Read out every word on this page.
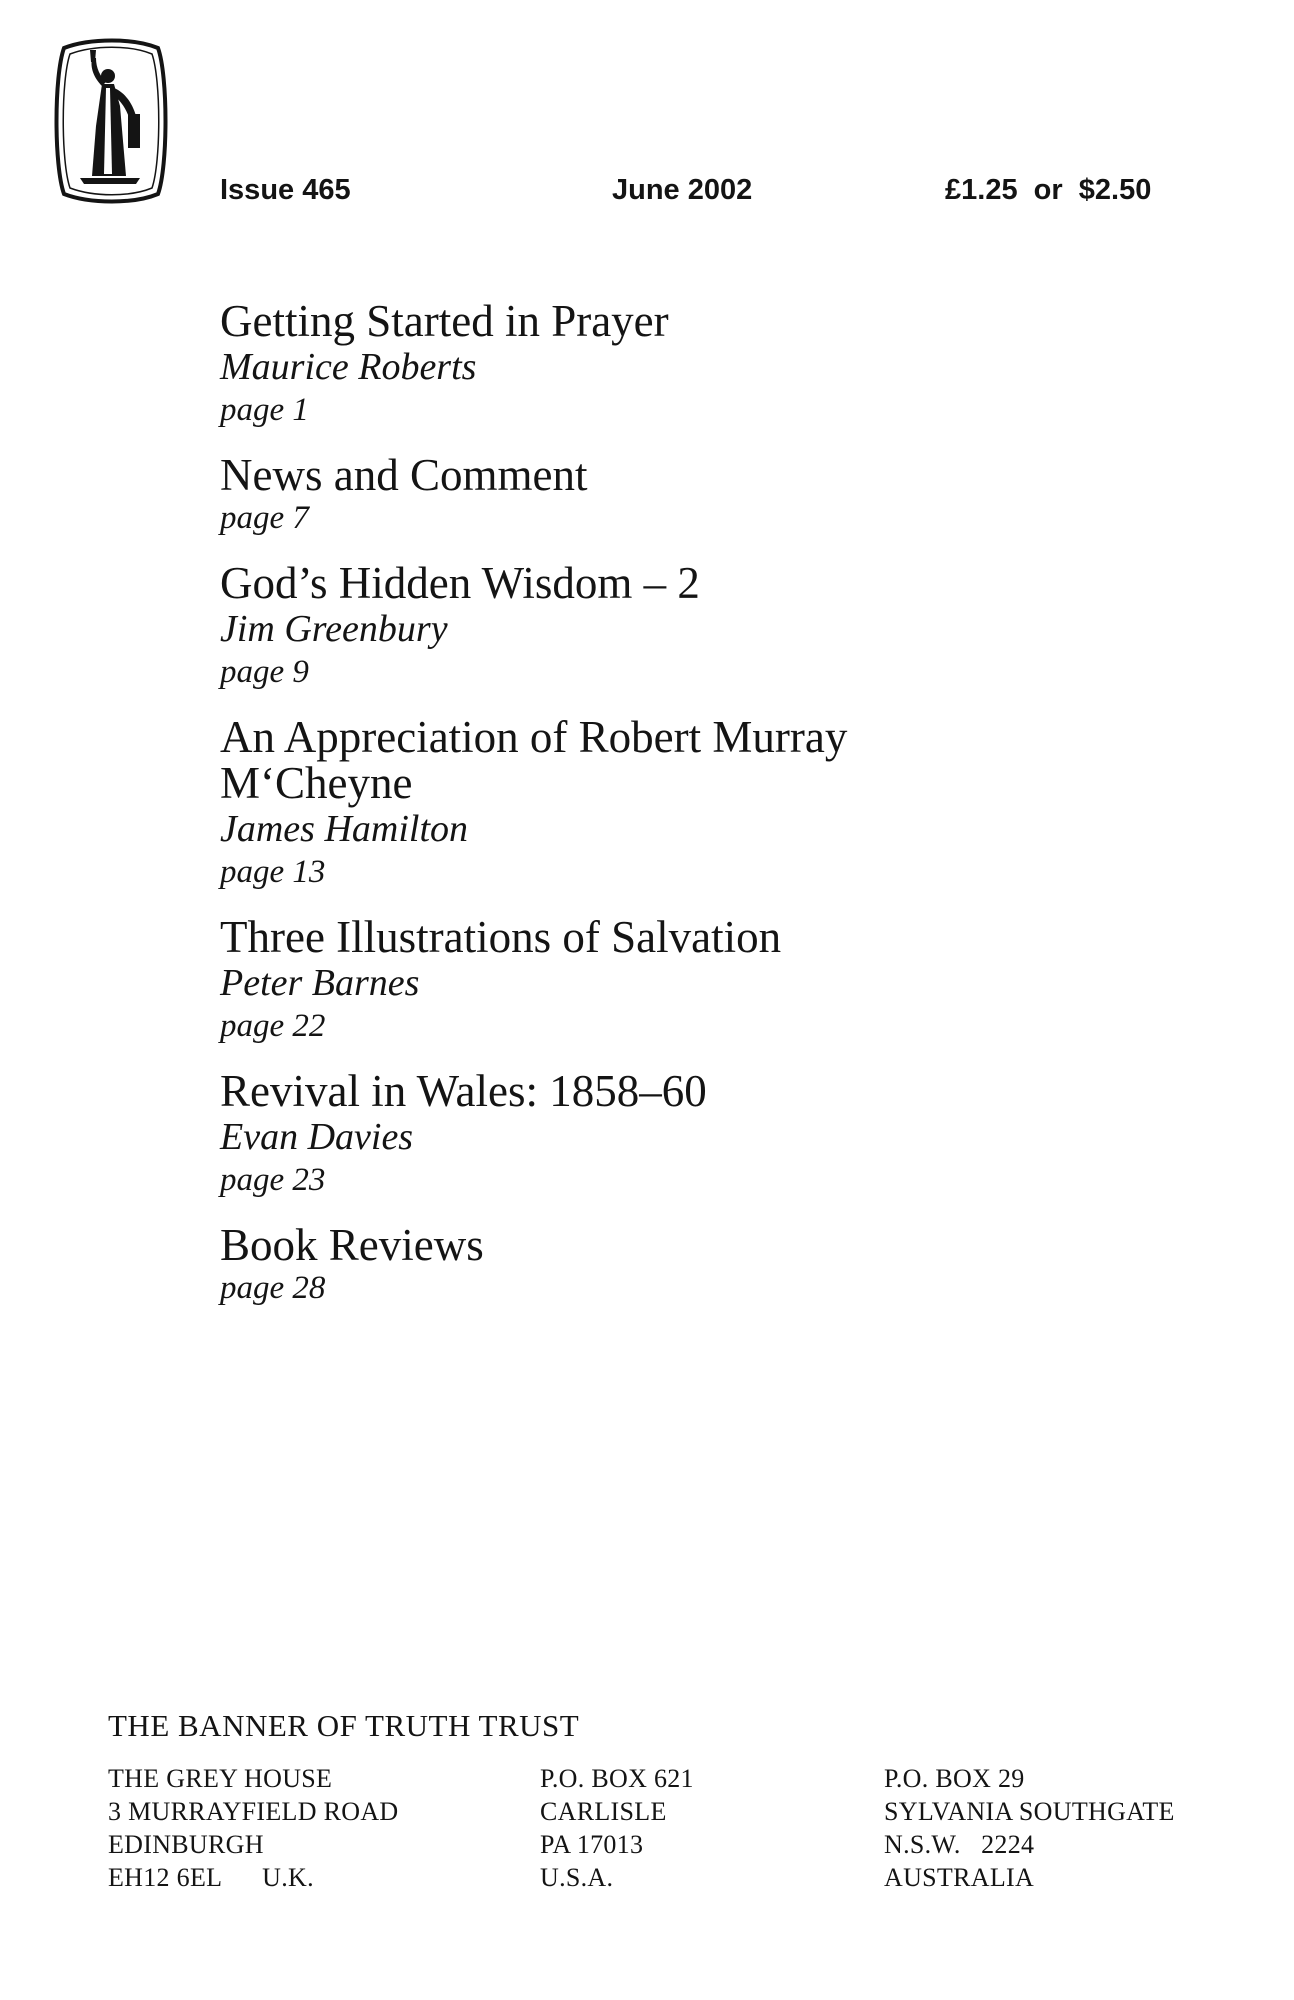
Issue 465	June 2002	£1.25  or  $2.50
Getting Started in Prayer
Maurice Roberts
page 1
News and Comment
page 7
God’s Hidden Wisdom – 2
Jim Greenbury
page 9
An Appreciation of Robert Murray M‘Cheyne
James Hamilton
page 13
Three Illustrations of Salvation
Peter Barnes
page 22
Revival in Wales: 1858–60
Evan Davies
page 23
Book Reviews
page 28
THE BANNER OF TRUTH TRUST
THE GREY HOUSE
3 MURRAYFIELD ROAD
EDINBURGH
EH12 6EL      U.K.
P.O. BOX 621
CARLISLE
PA 17013
U.S.A.
P.O. BOX 29
SYLVANIA SOUTHGATE
N.S.W.   2224
AUSTRALIA
